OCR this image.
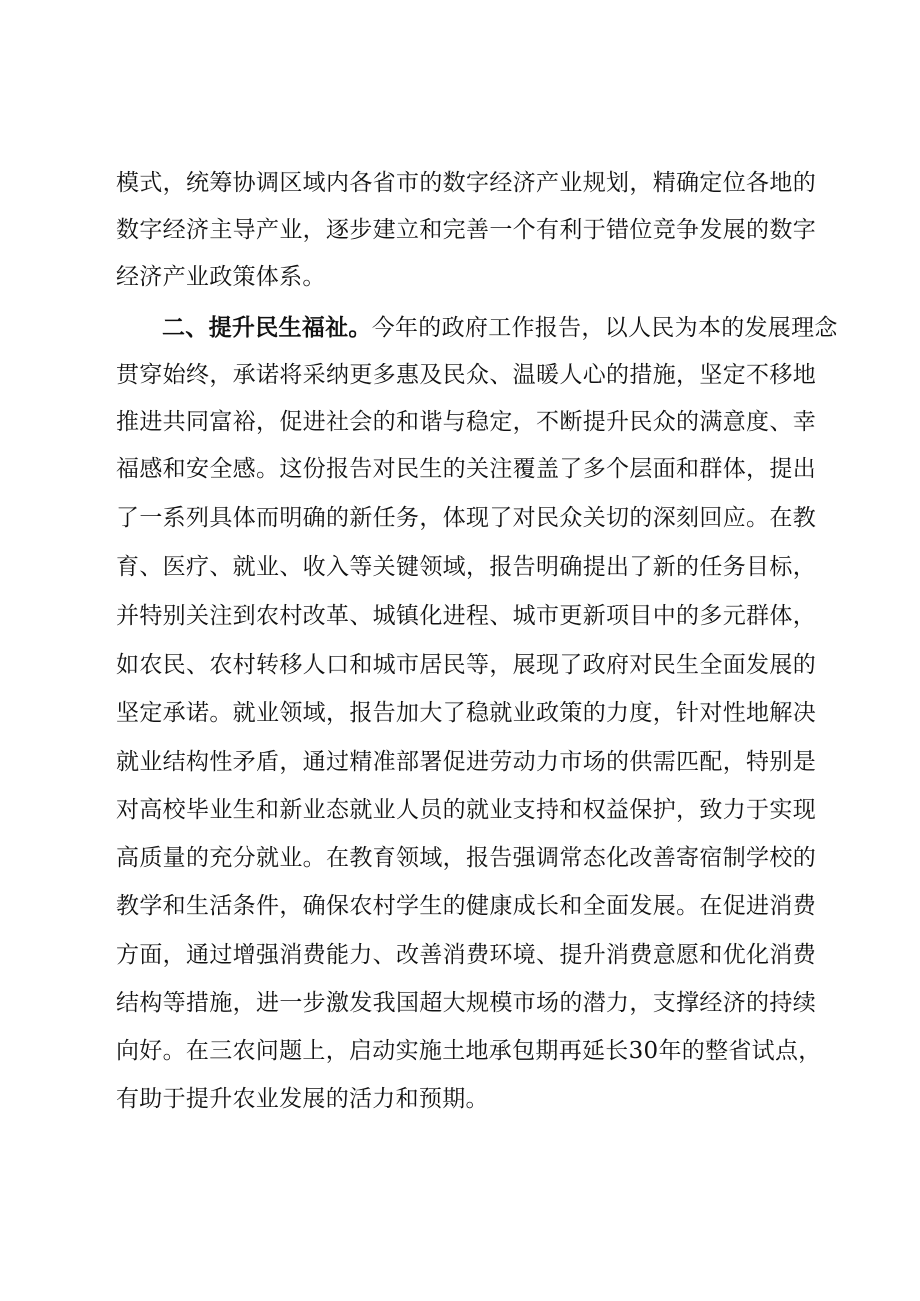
模式，统筹协调区域内各省市的数字经济产业规划，精确定位各地的
数字经济主导产业，逐步建立和完善一个有利于错位竞争发展的数字
经济产业政策体系。
二、提升民生福祉。今年的政府工作报告，以人民为本的发展理念
贯穿始终，承诺将采纳更多惠及民众、温暖人心的措施，坚定不移地
推进共同富裕，促进社会的和谐与稳定，不断提升民众的满意度、幸
福感和安全感。这份报告对民生的关注覆盖了多个层面和群体，提出
了一系列具体而明确的新任务，体现了对民众关切的深刻回应。在教
育、医疗、就业、收入等关键领域，报告明确提出了新的任务目标，
并特别关注到农村改革、城镇化进程、城市更新项目中的多元群体，
如农民、农村转移人口和城市居民等，展现了政府对民生全面发展的
坚定承诺。就业领域，报告加大了稳就业政策的力度，针对性地解决
就业结构性矛盾，通过精准部署促进劳动力市场的供需匹配，特别是
对高校毕业生和新业态就业人员的就业支持和权益保护，致力于实现
高质量的充分就业。在教育领域，报告强调常态化改善寄宿制学校的
教学和生活条件，确保农村学生的健康成长和全面发展。在促进消费
方面，通过增强消费能力、改善消费环境、提升消费意愿和优化消费
结构等措施，进一步激发我国超大规模市场的潜力，支撑经济的持续
向好。在三农问题上，启动实施土地承包期再延长30年的整省试点，
有助于提升农业发展的活力和预期。
